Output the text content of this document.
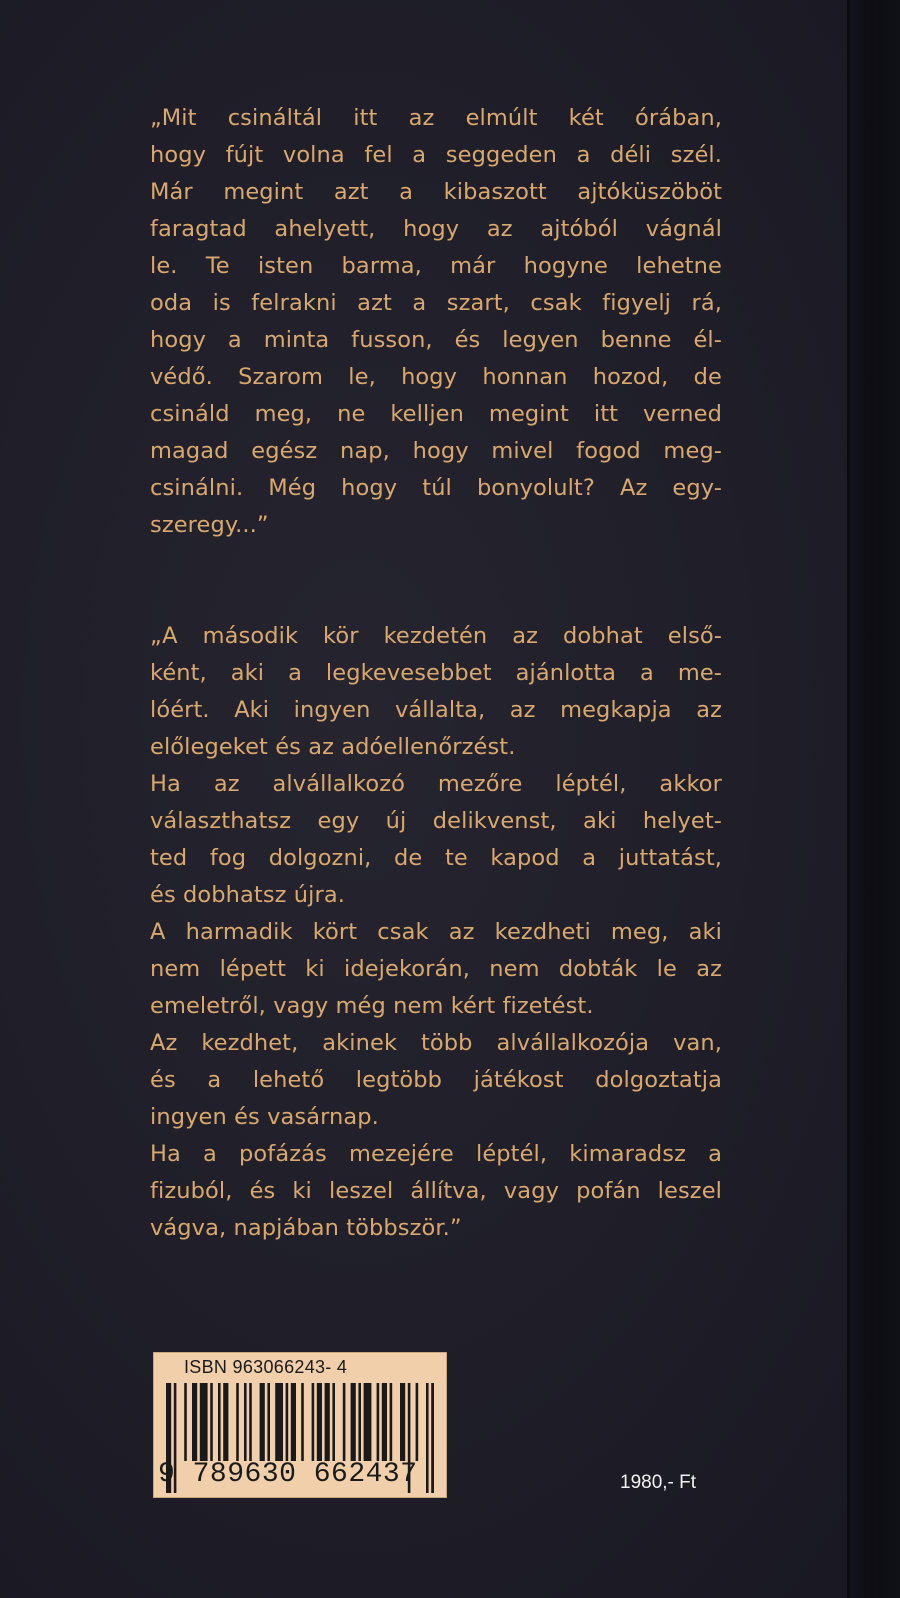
„Mit csináltál itt az elmúlt két órában,
hogy fújt volna fel a seggeden a déli szél.
Már megint azt a kibaszott ajtóküszöböt
faragtad ahelyett, hogy az ajtóból vágnál
le. Te isten barma, már hogyne lehetne
oda is felrakni azt a szart, csak figyelj rá,
hogy a minta fusson, és legyen benne él-
védő. Szarom le, hogy honnan hozod, de
csináld meg, ne kelljen megint itt verned
magad egész nap, hogy mivel fogod meg-
csinálni. Még hogy túl bonyolult? Az egy-
szeregy...”
„A második kör kezdetén az dobhat első-
ként, aki a legkevesebbet ajánlotta a me-
lóért. Aki ingyen vállalta, az megkapja az
előlegeket és az adóellenőrzést.
Ha az alvállalkozó mezőre léptél, akkor
választhatsz egy új delikvenst, aki helyet-
ted fog dolgozni, de te kapod a juttatást,
és dobhatsz újra.
A harmadik kört csak az kezdheti meg, aki
nem lépett ki idejekorán, nem dobták le az
emeletről, vagy még nem kért fizetést.
Az kezdhet, akinek több alvállalkozója van,
és a lehető legtöbb játékost dolgoztatja
ingyen és vasárnap.
Ha a pofázás mezejére léptél, kimaradsz a
fizuból, és ki leszel állítva, vagy pofán leszel
vágva, napjában többször.”
ISBN 963066243- 4
9 789630 662437	1980,- Ft
